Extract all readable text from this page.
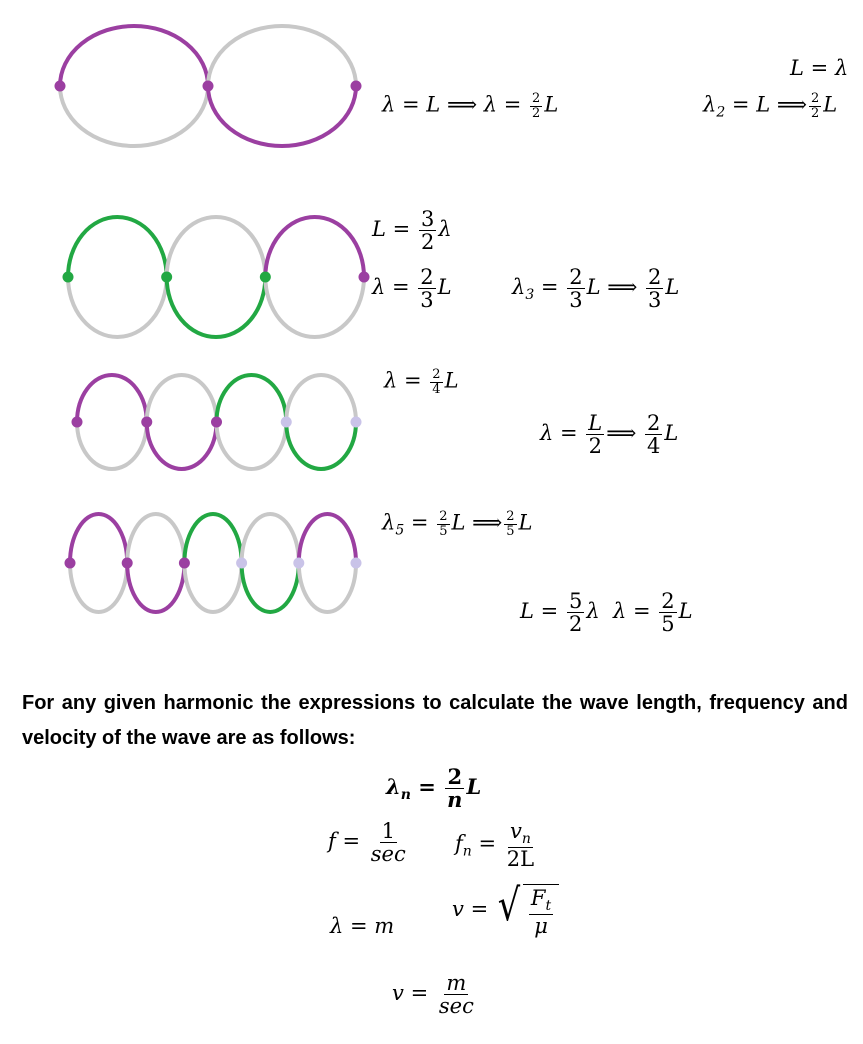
L = λ
λ = L ⟹ $\lambda = \frac{2}{2}$ L	$\lambda_2 = L$ ⟹ $\frac{2}{2}$ L
$L = \frac{3}{2}$ λ
$\lambda = \frac{2}{3}$ L	$\lambda_3 = \frac{2}{3}$ L ⟹ $\frac{2}{3}$ L
$\lambda = \frac{2}{4}$ L
$\lambda = \frac{L}{2}$ ⟹ $\frac{2}{4}$ L
$\lambda_5 = \frac{2}{5}$ L ⟹ $\frac{2}{5}$ L
$L = \frac{5}{2}$ λ $\lambda = \frac{2}{5}$ L
For any given harmonic the expressions to calculate the wave length, frequency and velocity of the wave are as follows:
$\lambda_n = \frac{2}{n}$ L
$f = \frac{1}{\sec} f_n = \frac{v_n}{2L}$
λ = m
v = √ $\frac{F_t}{\mu}$
$v = \frac{m}{\sec}$
